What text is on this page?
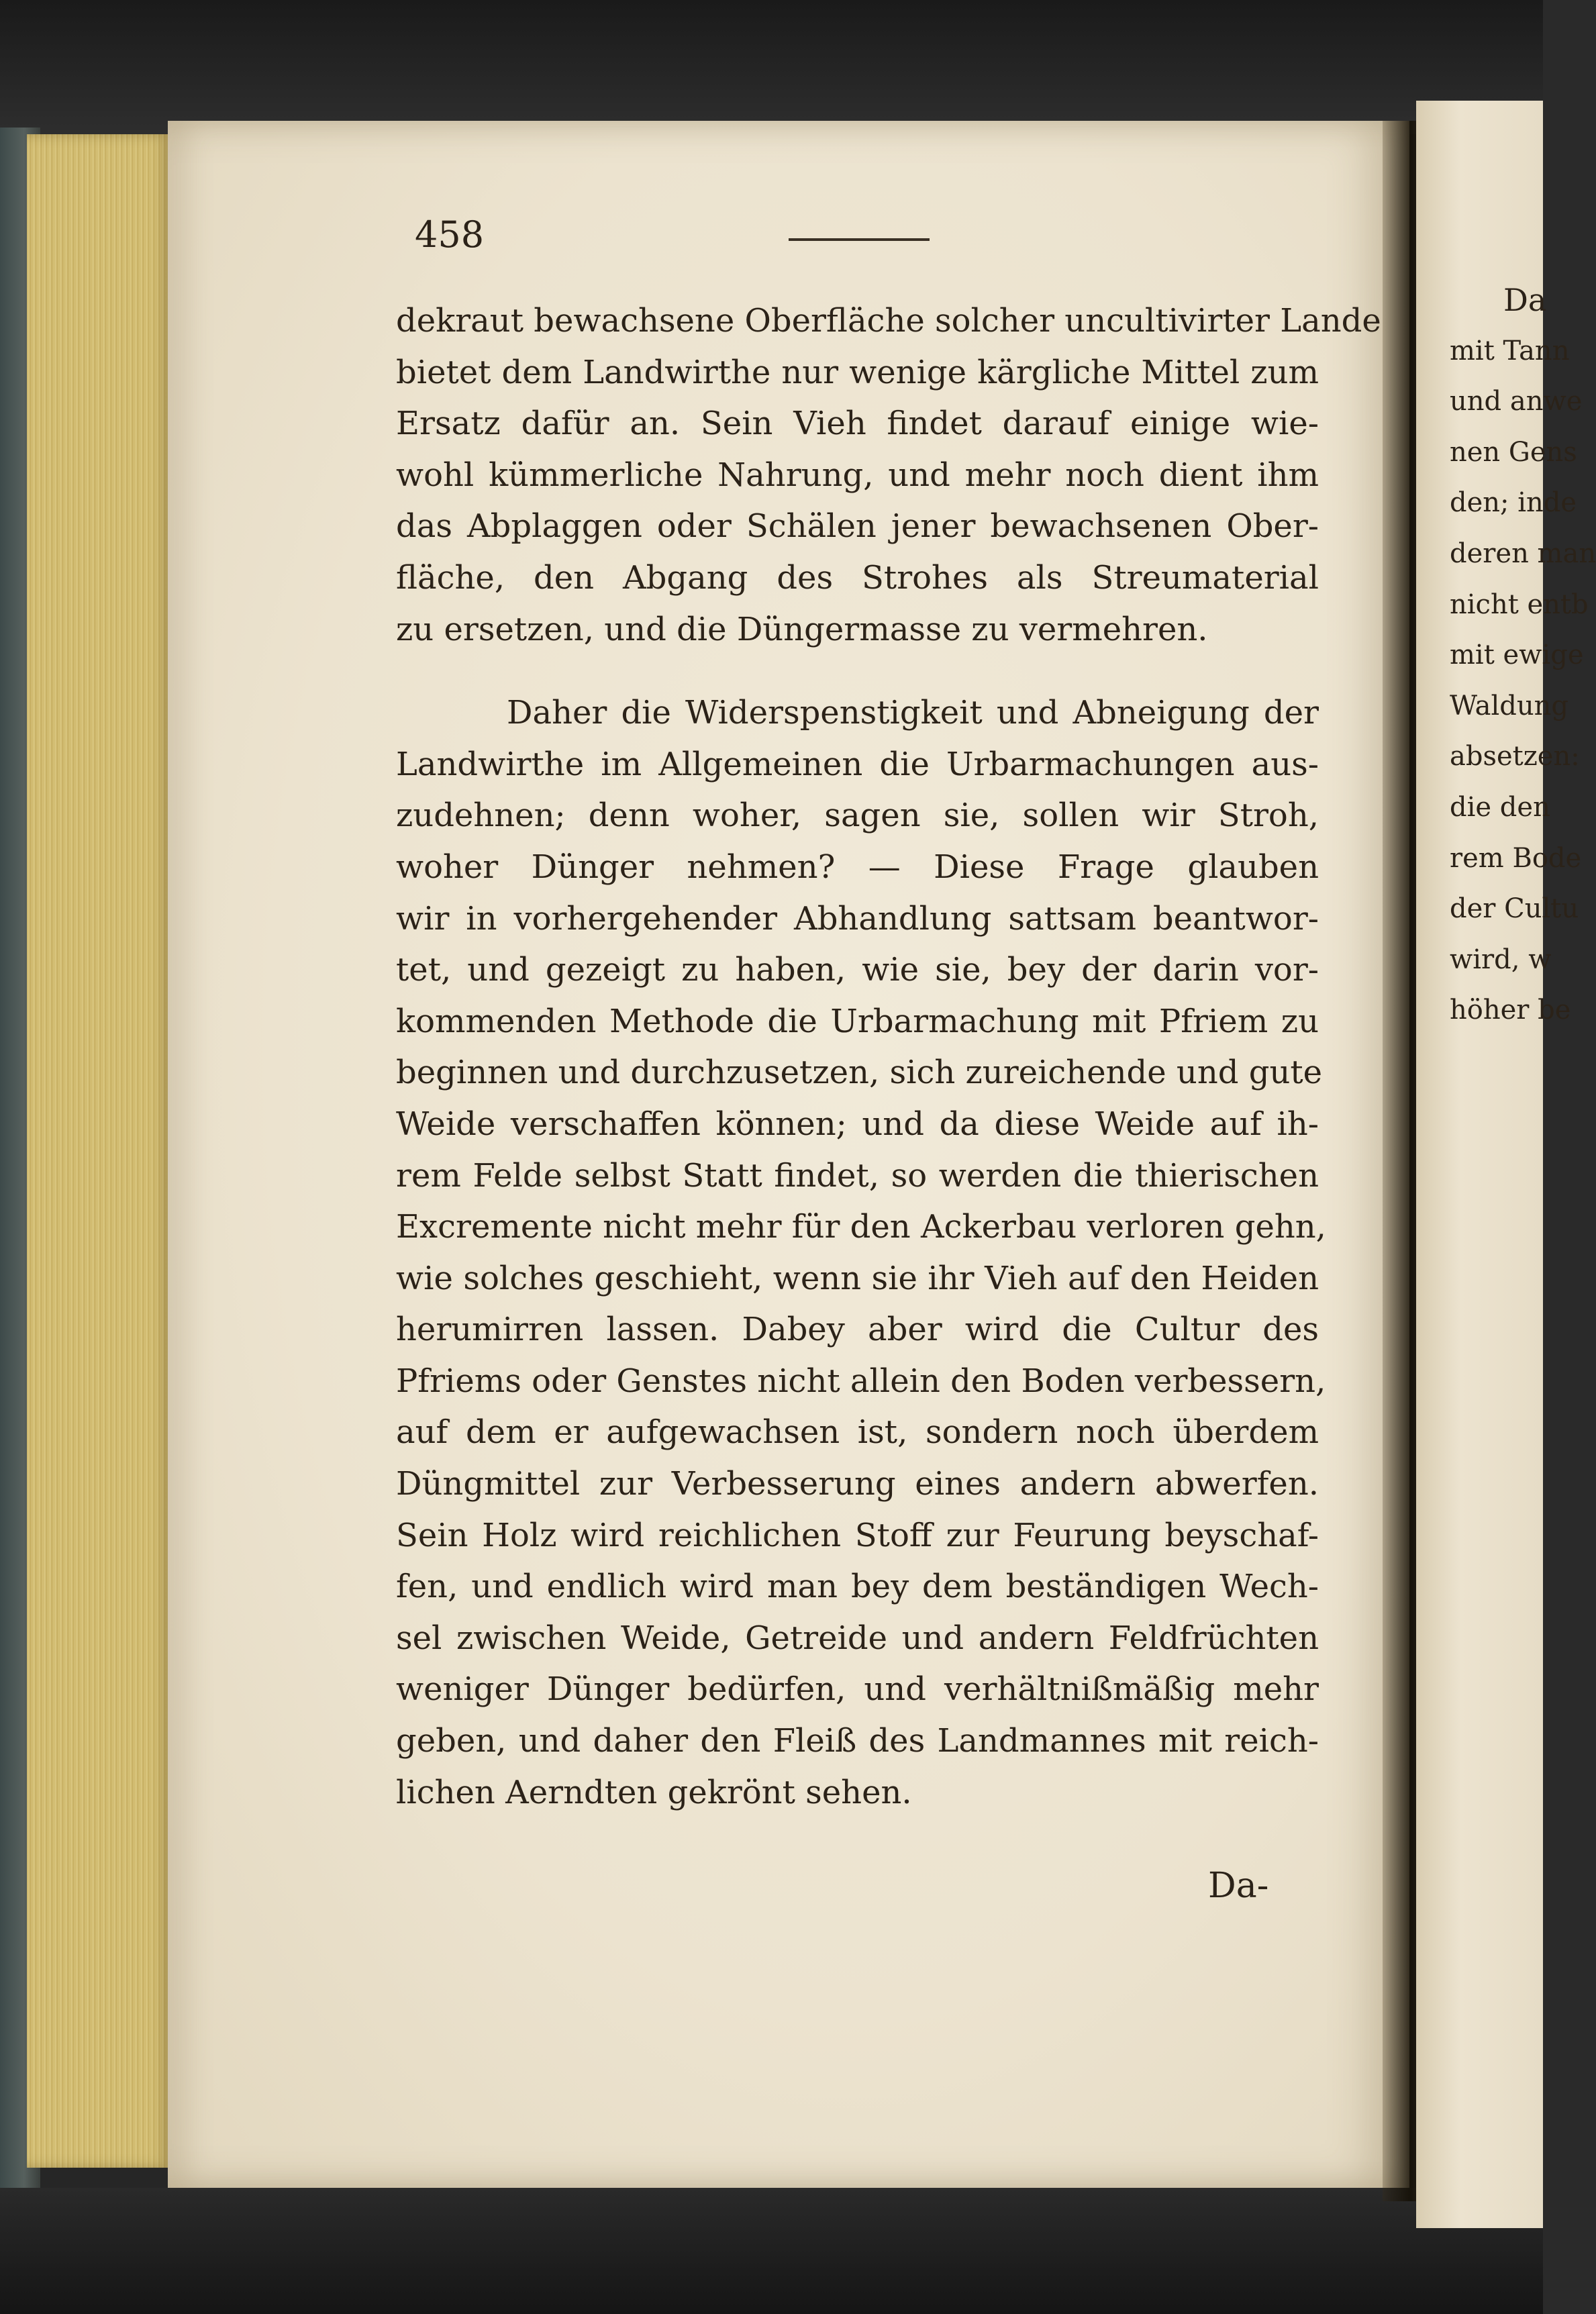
458
dekraut bewachsene Oberfläche solcher uncultivirter Lande
bietet dem Landwirthe nur wenige kärgliche Mittel zum
Ersatz dafür an. Sein Vieh findet darauf einige wie-
wohl kümmerliche Nahrung, und mehr noch dient ihm
das Abplaggen oder Schälen jener bewachsenen Ober-
fläche, den Abgang des Strohes als Streumaterial
zu ersetzen, und die Düngermasse zu vermehren.
Daher die Widerspenstigkeit und Abneigung der
Landwirthe im Allgemeinen die Urbarmachungen aus-
zudehnen; denn woher, sagen sie, sollen wir Stroh,
woher Dünger nehmen? — Diese Frage glauben
wir in vorhergehender Abhandlung sattsam beantwor-
tet, und gezeigt zu haben, wie sie, bey der darin vor-
kommenden Methode die Urbarmachung mit Pfriem zu
beginnen und durchzusetzen, sich zureichende und gute
Weide verschaffen können; und da diese Weide auf ih-
rem Felde selbst Statt findet, so werden die thierischen
Excremente nicht mehr für den Ackerbau verloren gehn,
wie solches geschieht, wenn sie ihr Vieh auf den Heiden
herumirren lassen. Dabey aber wird die Cultur des
Pfriems oder Genstes nicht allein den Boden verbessern,
auf dem er aufgewachsen ist, sondern noch überdem
Düngmittel zur Verbesserung eines andern abwerfen.
Sein Holz wird reichlichen Stoff zur Feurung beyschaf-
fen, und endlich wird man bey dem beständigen Wech-
sel zwischen Weide, Getreide und andern Feldfrüchten
weniger Dünger bedürfen, und verhältnißmäßig mehr
geben, und daher den Fleiß des Landmannes mit reich-
lichen Aerndten gekrönt sehen.
Da-
Da
mit Tann
und anwe
nen Gens
den; inde
deren man
nicht entb
mit ewige
Waldung
absetzen:
die den
rem Bode
der Cultu
wird, w
höher be
